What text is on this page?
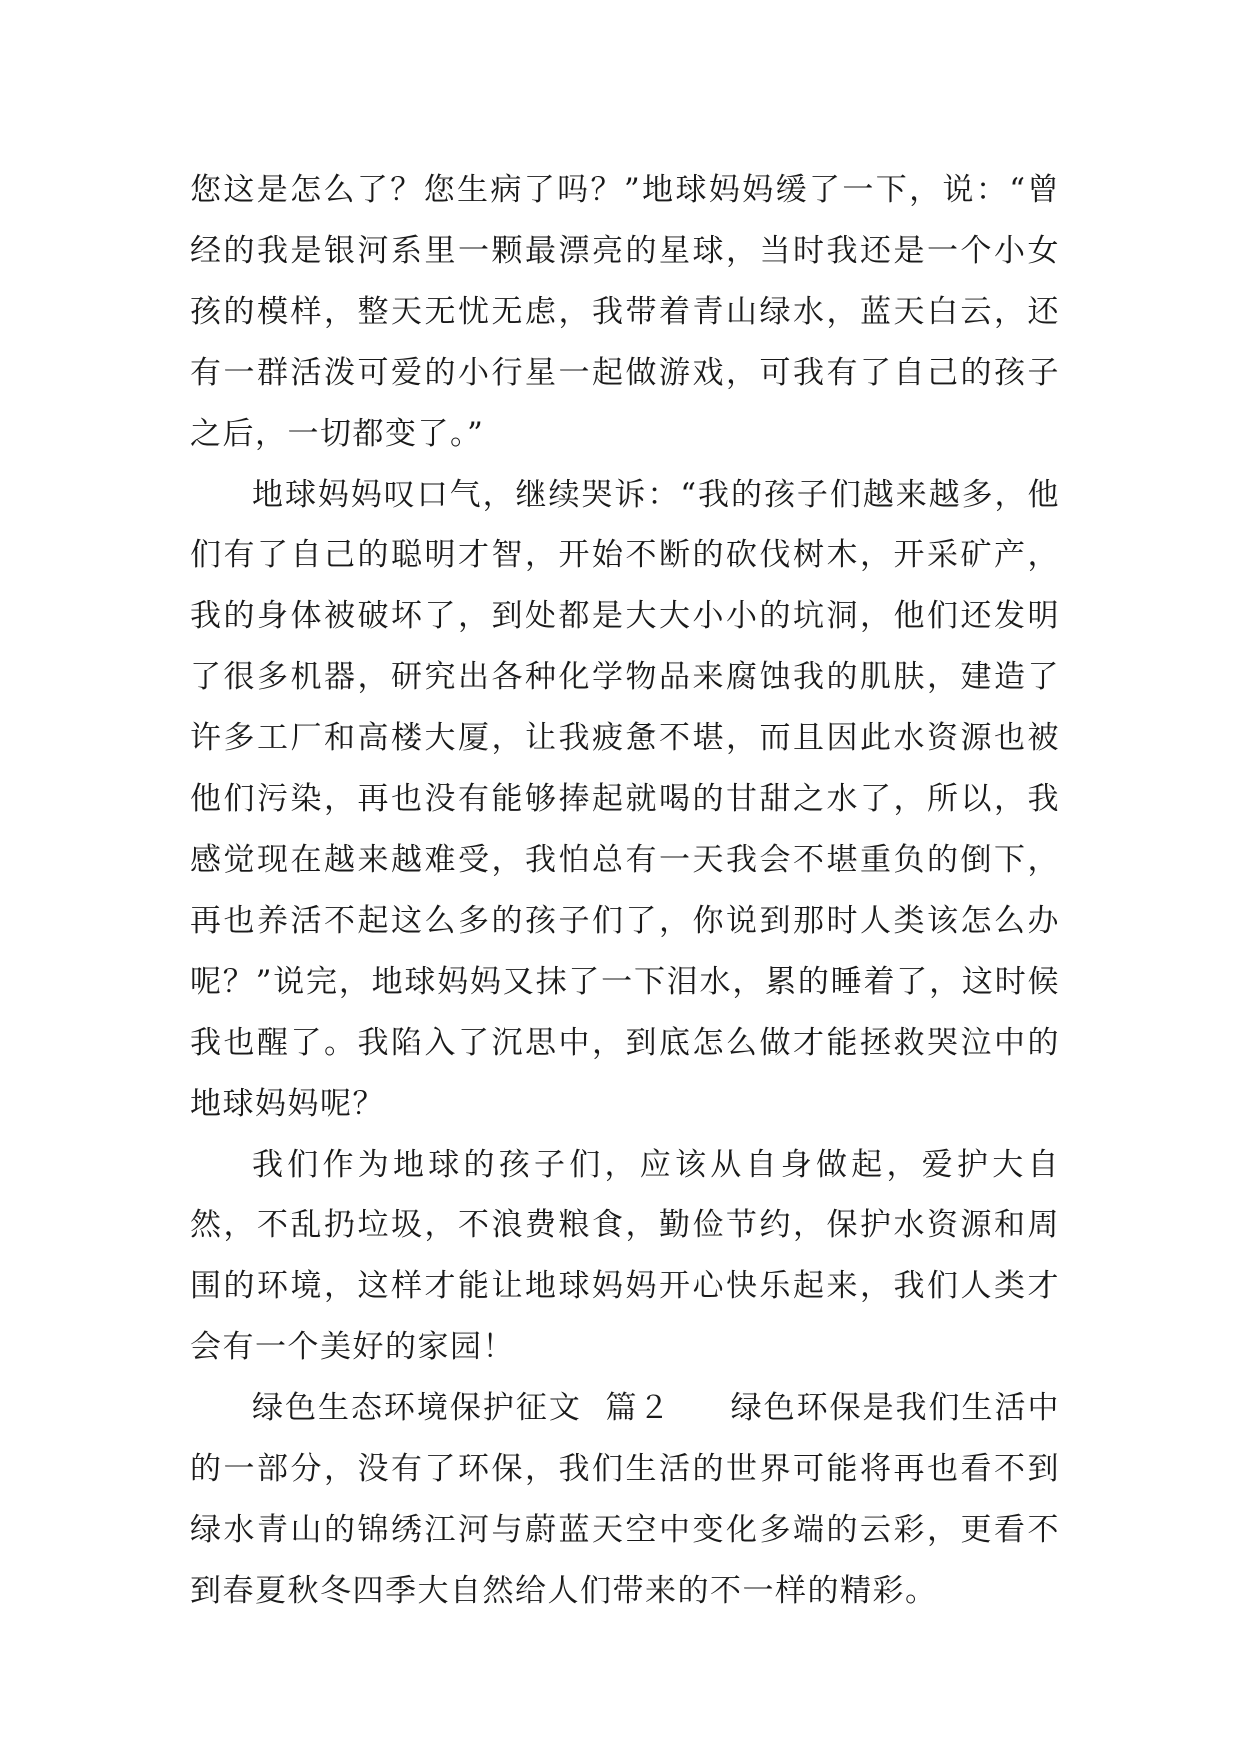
您这是怎么了？您生病了吗？”地球妈妈缓了一下，说：“曾经的我是银河系里一颗最漂亮的星球，当时我还是一个小女孩的模样，整天无忧无虑，我带着青山绿水，蓝天白云，还有一群活泼可爱的小行星一起做游戏，可我有了自己的孩子之后，一切都变了。”

地球妈妈叹口气，继续哭诉：“我的孩子们越来越多，他们有了自己的聪明才智，开始不断的砍伐树木，开采矿产，我的身体被破坏了，到处都是大大小小的坑洞，他们还发明了很多机器，研究出各种化学物品来腐蚀我的肌肤，建造了许多工厂和高楼大厦，让我疲惫不堪，而且因此水资源也被他们污染，再也没有能够捧起就喝的甘甜之水了，所以，我感觉现在越来越难受，我怕总有一天我会不堪重负的倒下，再也养活不起这么多的孩子们了，你说到那时人类该怎么办呢？”说完，地球妈妈又抹了一下泪水，累的睡着了，这时候我也醒了。我陷入了沉思中，到底怎么做才能拯救哭泣中的地球妈妈呢？

我们作为地球的孩子们，应该从自身做起，爱护大自然，不乱扔垃圾，不浪费粮食，勤俭节约，保护水资源和周围的环境，这样才能让地球妈妈开心快乐起来，我们人类才会有一个美好的家园！

绿色生态环境保护征文  篇２     绿色环保是我们生活中的一部分，没有了环保，我们生活的世界可能将再也看不到绿水青山的锦绣江河与蔚蓝天空中变化多端的云彩，更看不到春夏秋冬四季大自然给人们带来的不一样的精彩。
